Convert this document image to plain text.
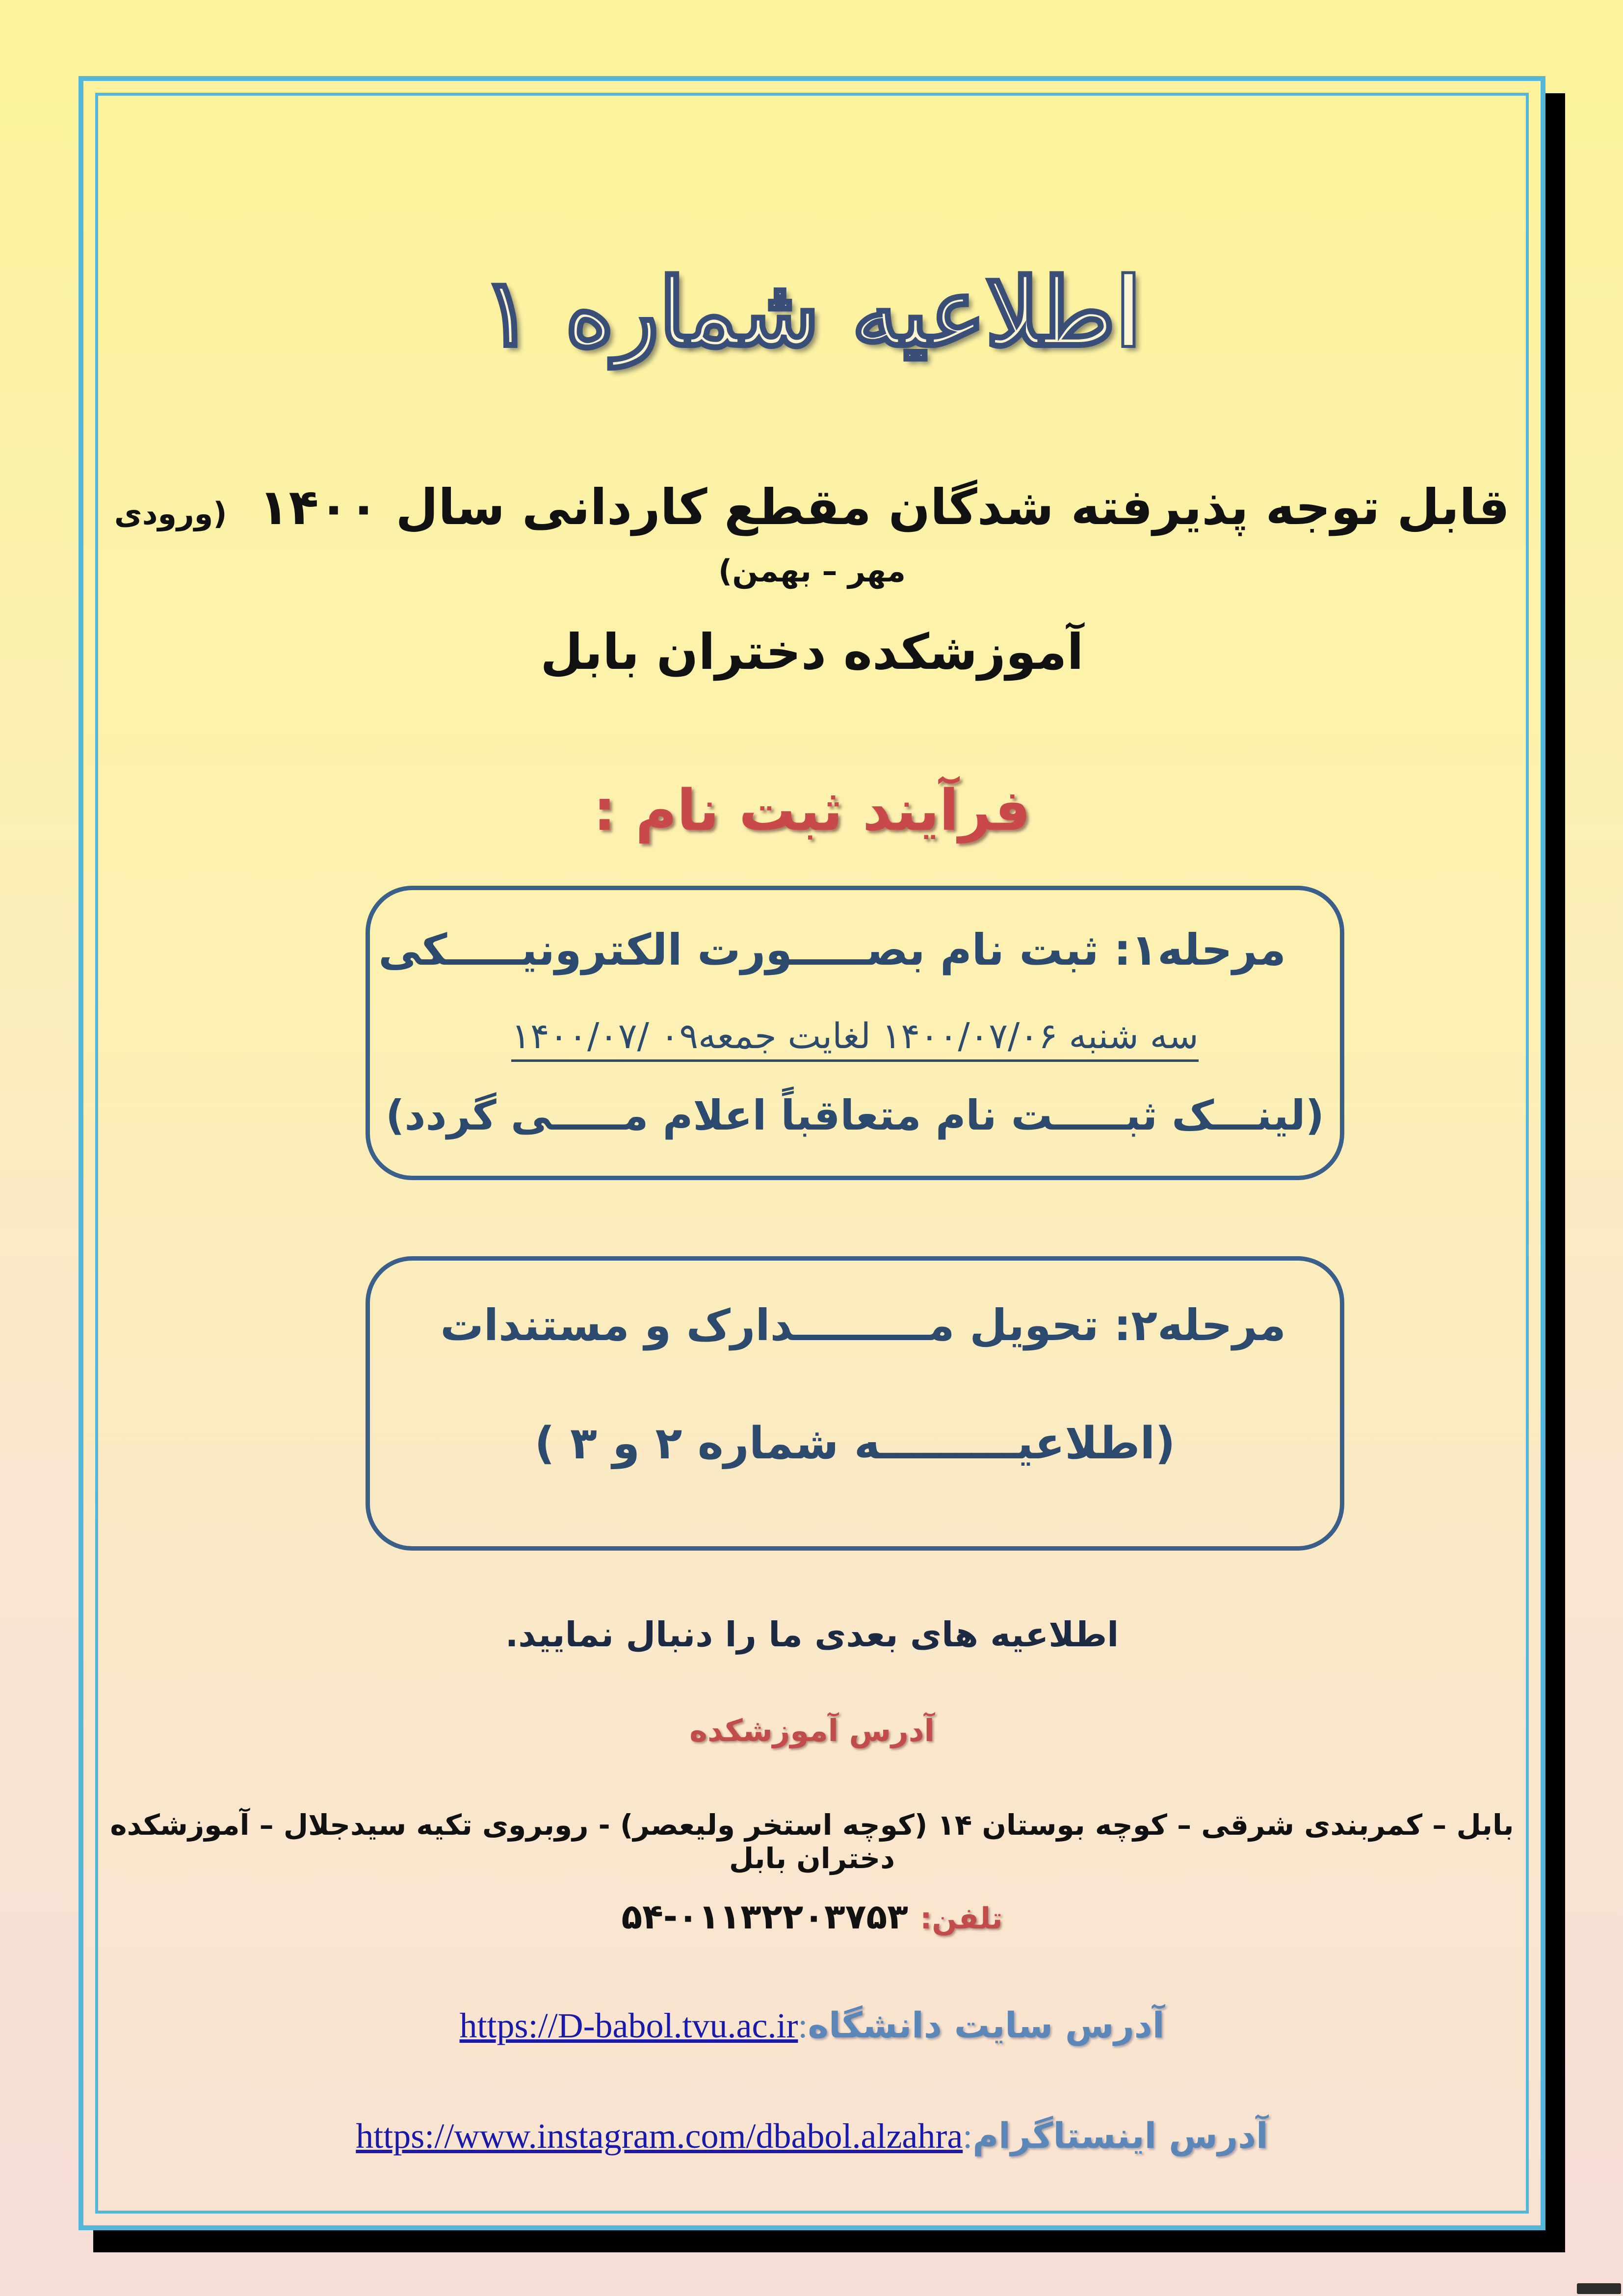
اطلاعیه شماره ۱
قابل توجه پذیرفته شدگان مقطع کاردانی سال ۱۴۰۰ (ورودی مهر – بهمن)
آموزشکده دختران بابل
فرآیند ثبت نام :
مرحله۱: ثبت نام بصـــــورت الکترونیـــــکی
سه شنبه ۱۴۰۰/۰۷/۰۶ لغایت جمعه۰۹ /۱۴۰۰/۰۷
(لینـــک ثبـــــت نام متعاقباً اعلام مـــــی گردد)
مرحله۲: تحویل مـــــــــدارک و مستندات
(اطلاعیـــــــــه شماره ۲ و ۳ )
اطلاعیه های بعدی ما را دنبال نمایید.
آدرس آموزشکده
بابل – کمربندی شرقی – کوچه بوستان ۱۴ (کوچه استخر ولیعصر) - روبروی تکیه سیدجلال – آموزشکده دختران بابل
تلفن: ۰۱۱۳۲۲۰۳۷۵۳-۵۴
آدرس سایت دانشگاه:https://D-babol.tvu.ac.ir
آدرس اینستاگرام:https://www.instagram.com/dbabol.alzahra
